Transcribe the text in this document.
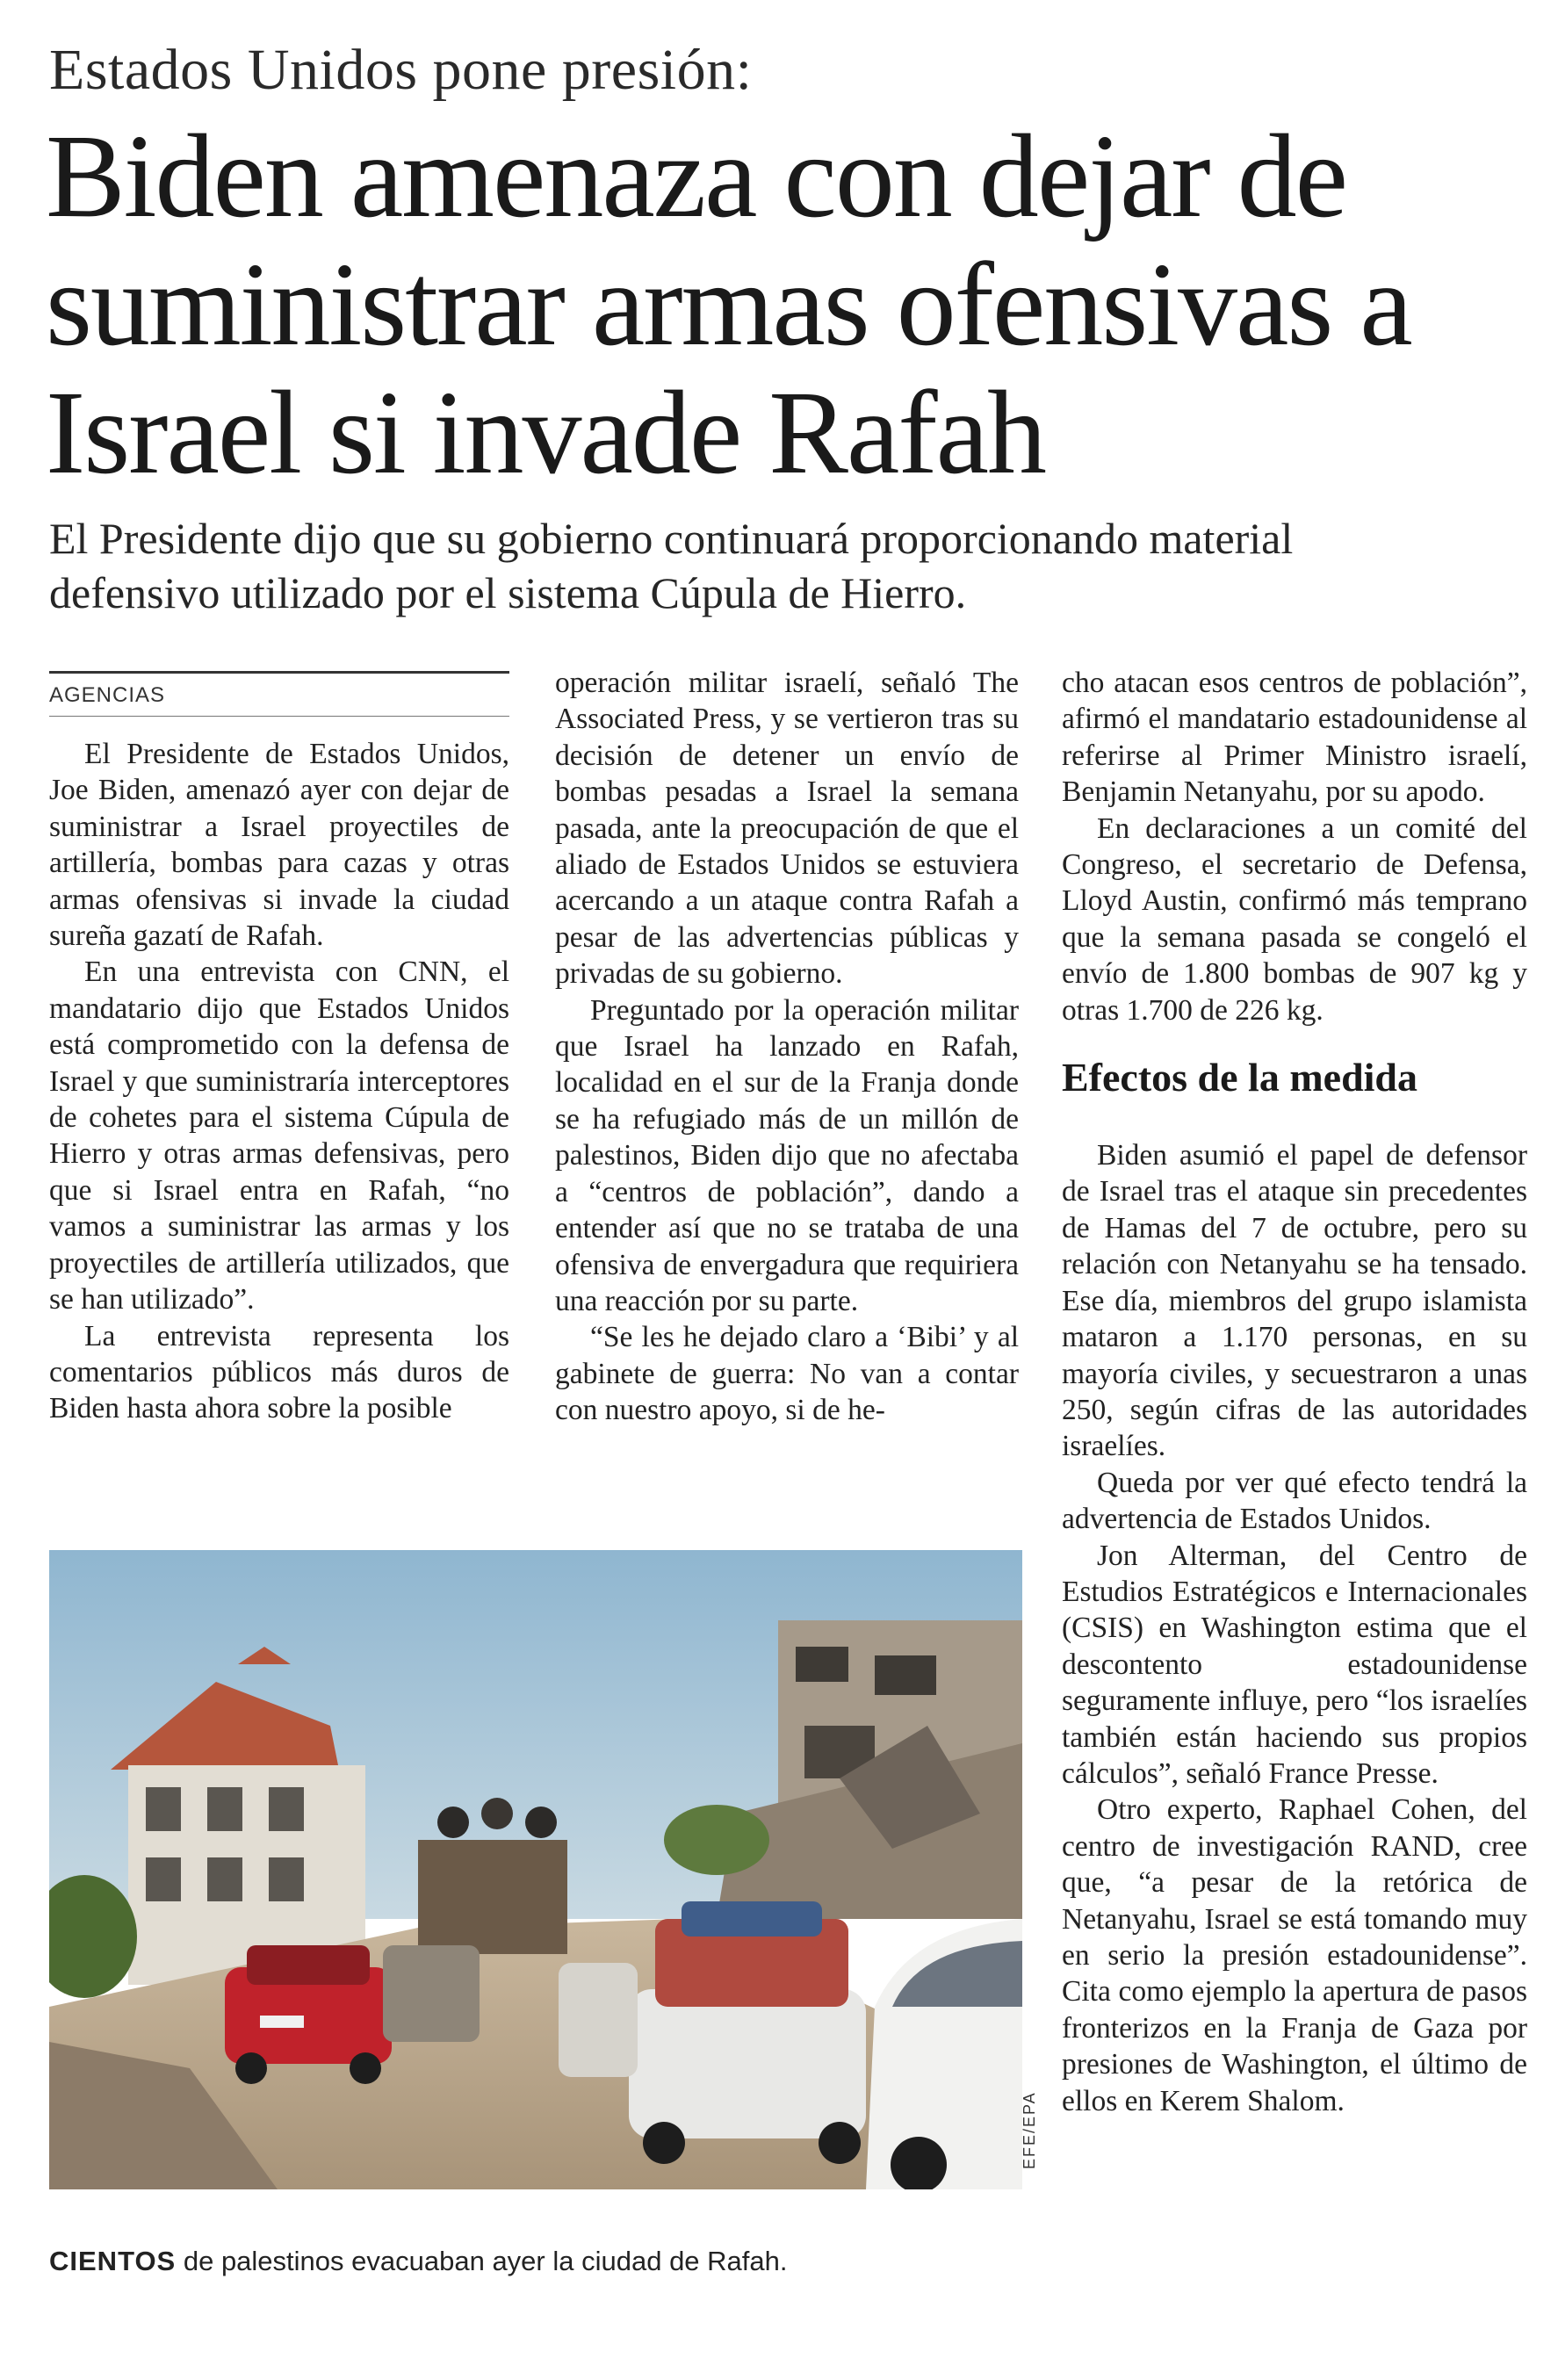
Estados Unidos pone presión:
Biden amenaza con dejar de suministrar armas ofensivas a Israel si invade Rafah
El Presidente dijo que su gobierno continuará proporcionando material defensivo utilizado por el sistema Cúpula de Hierro.
AGENCIAS

El Presidente de Estados Unidos, Joe Biden, amenazó ayer con dejar de suministrar a Israel proyectiles de artillería, bombas para cazas y otras armas ofensivas si invade la ciudad sureña gazatí de Rafah.

En una entrevista con CNN, el mandatario dijo que Estados Unidos está comprometido con la defensa de Israel y que suministraría interceptores de cohetes para el sistema Cúpula de Hierro y otras armas defensivas, pero que si Israel entra en Rafah, “no vamos a suministrar las armas y los proyectiles de artillería utilizados, que se han utilizado”.

La entrevista representa los comentarios públicos más duros de Biden hasta ahora sobre la posible

operación militar israelí, señaló The Associated Press, y se vertieron tras su decisión de detener un envío de bombas pesadas a Israel la semana pasada, ante la preocupación de que el aliado de Estados Unidos se estuviera acercando a un ataque contra Rafah a pesar de las advertencias públicas y privadas de su gobierno.

Preguntado por la operación militar que Israel ha lanzado en Rafah, localidad en el sur de la Franja donde se ha refugiado más de un millón de palestinos, Biden dijo que no afectaba a “centros de población”, dando a entender así que no se trataba de una ofensiva de envergadura que requiriera una reacción por su parte.

“Se les he dejado claro a ‘Bibi’ y al gabinete de guerra: No van a contar con nuestro apoyo, si de he-

cho atacan esos centros de población”, afirmó el mandatario estadounidense al referirse al Primer Ministro israelí, Benjamin Netanyahu, por su apodo.

En declaraciones a un comité del Congreso, el secretario de Defensa, Lloyd Austin, confirmó más temprano que la semana pasada se congeló el envío de 1.800 bombas de 907 kg y otras 1.700 de 226 kg.

Efectos de la medida

Biden asumió el papel de defensor de Israel tras el ataque sin precedentes de Hamas del 7 de octubre, pero su relación con Netanyahu se ha tensado. Ese día, miembros del grupo islamista mataron a 1.170 personas, en su mayoría civiles, y secuestraron a unas 250, según cifras de las autoridades israelíes.

Queda por ver qué efecto tendrá la advertencia de Estados Unidos.

Jon Alterman, del Centro de Estudios Estratégicos e Internacionales (CSIS) en Washington estima que el descontento estadounidense seguramente influye, pero “los israelíes también están haciendo sus propios cálculos”, señaló France Presse.

Otro experto, Raphael Cohen, del centro de investigación RAND, cree que, “a pesar de la retórica de Netanyahu, Israel se está tomando muy en serio la presión estadounidense”. Cita como ejemplo la apertura de pasos fronterizos en la Franja de Gaza por presiones de Washington, el último de ellos en Kerem Shalom.

EFE/EPA
CIENTOS de palestinos evacuaban ayer la ciudad de Rafah.
